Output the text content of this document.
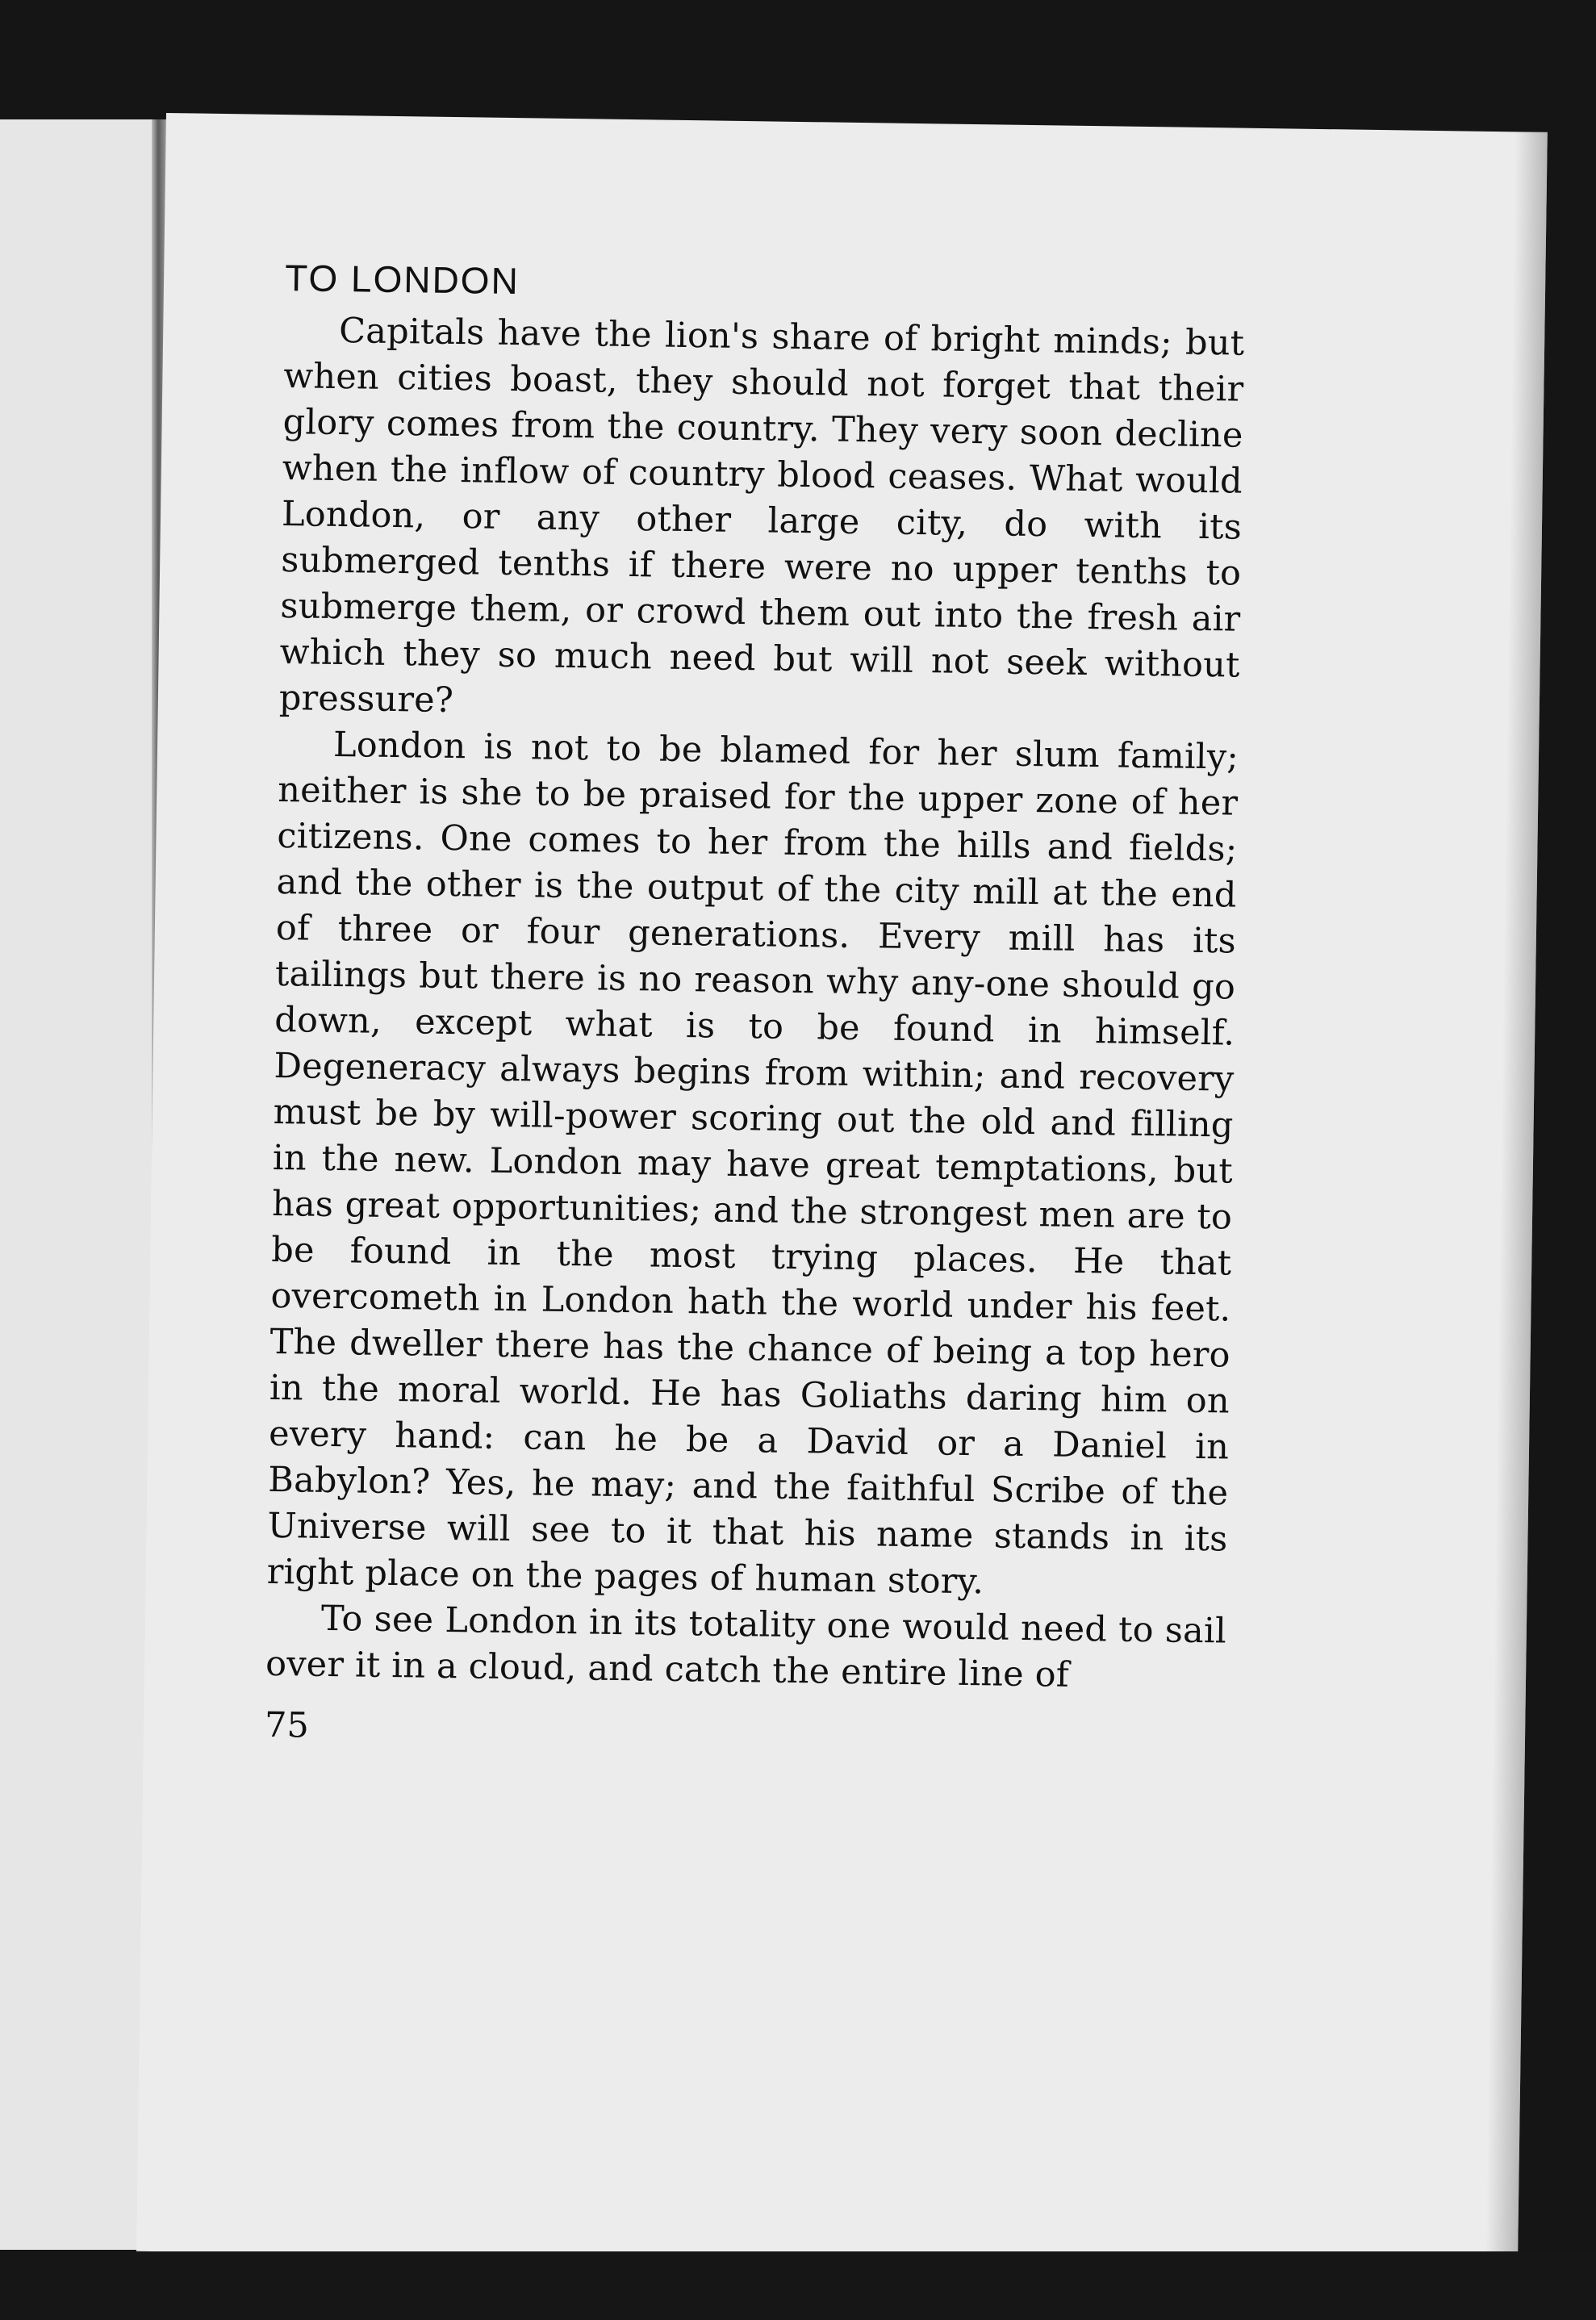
TO LONDON

Capitals have the lion's share of bright minds; but when cities boast, they should not forget that their glory comes from the country. They very soon decline when the inflow of country blood ceases. What would London, or any other large city, do with its submerged tenths if there were no upper tenths to submerge them, or crowd them out into the fresh air which they so much need but will not seek without pressure?

London is not to be blamed for her slum family; neither is she to be praised for the upper zone of her citizens. One comes to her from the hills and fields; and the other is the output of the city mill at the end of three or four generations. Every mill has its tailings but there is no reason why any-one should go down, except what is to be found in himself. Degeneracy always begins from within; and recovery must be by will-power scoring out the old and filling in the new. London may have great temptations, but has great opportunities; and the strongest men are to be found in the most trying places. He that overcometh in London hath the world under his feet. The dweller there has the chance of being a top hero in the moral world. He has Goliaths daring him on every hand: can he be a David or a Daniel in Babylon? Yes, he may; and the faithful Scribe of the Universe will see to it that his name stands in its right place on the pages of human story.

To see London in its totality one would need to sail over it in a cloud, and catch the entire line of

75
